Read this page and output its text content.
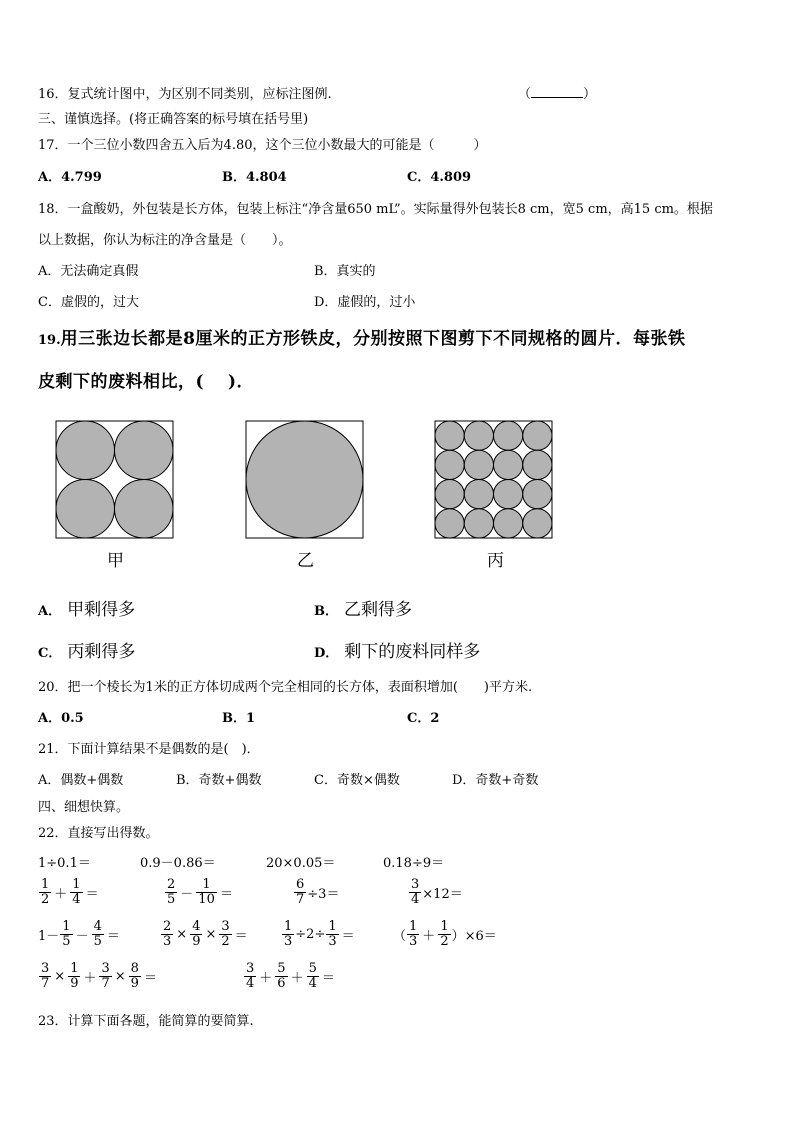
16．复式统计图中，为区别不同类别，应标注图例.	（	）
三、谨慎选择。(将正确答案的标号填在括号里)
17．一个三位小数四舍五入后为4.80，这个三位小数最大的可能是（　　　）
A．4.799	B．4.804	C．4.809
18．一盒酸奶，外包装是长方体，包装上标注“净含量650 mL”。实际量得外包装长8 cm，宽5 cm，高15 cm。根据
以上数据，你认为标注的净含量是（　　）。
A．无法确定真假	B．真实的
C．虚假的，过大	D．虚假的，过小
19.用三张边长都是8厘米的正方形铁皮，分别按照下图剪下不同规格的圆片．每张铁
皮剩下的废料相比，(　 )．
甲	乙	丙
A． 甲剩得多	B． 乙剩得多
C． 丙剩得多	D． 剩下的废料同样多
20．把一个棱长为1米的正方体切成两个完全相同的长方体，表面积增加(　　)平方米.
A．0.5	B．1	C．2
21．下面计算结果不是偶数的是(　)．
A．偶数+偶数	B．奇数+偶数	C．奇数×偶数	D．奇数+奇数
四、细想快算。
22．直接写出得数。
1÷0.1＝	0.9－0.86＝	20×0.05＝	0.18÷9＝
$\frac{1}{2} + \frac{1}{4}$ ＝	$\frac{2}{5} - \frac{1}{10}$ ＝	$\frac{6}{7} \div 3=$	$\frac{3}{4} \times 12=$
$1- \frac{1}{5} - \frac{4}{5}$ ＝	$\frac{2}{3} \times \frac{4}{9} \times \frac{3}{2}$ ＝	$\frac{1}{3} \div 2\div \frac{1}{3}$ ＝	（ $\frac{1}{3} + \frac{1}{2} )\times 6=$
$\frac{3}{7} \times \frac{1}{9} + \frac{3}{7} \times \frac{8}{9}$ ＝	$\frac{3}{4} + \frac{5}{6} + \frac{5}{4}$ ＝
23．计算下面各题，能简算的要简算.
